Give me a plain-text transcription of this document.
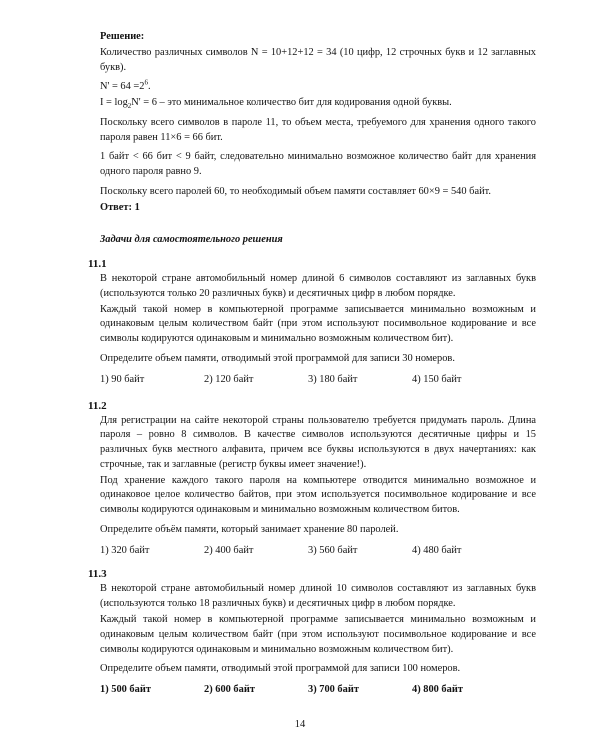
Решение:

Количество различных символов N = 10+12+12 = 34 (10 цифр, 12 строчных букв и 12 заглавных букв).

$N' = 64 =2^6$.

$I = \log_2N' = 6$ – это минимальное количество бит для кодирования одной буквы.

Поскольку всего символов в пароле 11, то объем места, требуемого для хранения одного такого пароля равен 11×6 = 66 бит.

1 байт < 66 бит < 9 байт, следовательно минимально возможное количество байт для хранения одного пароля равно 9.

Поскольку всего паролей 60, то необходимый объем памяти составляет 60×9 = 540 байт.

Ответ: 1

Задачи для самостоятельного решения

11.1

В некоторой стране автомобильный номер длиной 6 символов составляют из заглавных букв (используются только 20 различных букв) и десятичных цифр в любом порядке.

Каждый такой номер в компьютерной программе записывается минимально возможным и одинаковым целым количеством байт (при этом используют посимвольное кодирование и все символы кодируются одинаковым и минимально возможным количеством бит).

Определите объем памяти, отводимый этой программой для записи 30 номеров.

1) 90 байт	2) 120 байт	3) 180 байт	4) 150 байт
11.2

Для регистрации на сайте некоторой страны пользователю требуется придумать пароль. Длина пароля – ровно 8 символов. В качестве символов используются десятичные цифры и 15 различных букв местного алфавита, причем все буквы используются в двух начертаниях: как строчные, так и заглавные (регистр буквы имеет значение!).

Под хранение каждого такого пароля на компьютере отводится минимально возможное и одинаковое целое количество байтов, при этом используется посимвольное кодирование и все символы кодируются одинаковым и минимально возможным количеством битов.

Определите объём памяти, который занимает хранение 80 паролей.

1) 320 байт	2) 400 байт	3) 560 байт	4) 480 байт
11.3

В некоторой стране автомобильный номер длиной 10 символов составляют из заглавных букв (используются только 18 различных букв) и десятичных цифр в любом порядке.

Каждый такой номер в компьютерной программе записывается минимально возможным и одинаковым целым количеством байт (при этом используют посимвольное кодирование и все символы кодируются одинаковым и минимально возможным количеством бит).

Определите объем памяти, отводимый этой программой для записи 100 номеров.

1) 500 байт	2) 600 байт	3) 700 байт	4) 800 байт
14
